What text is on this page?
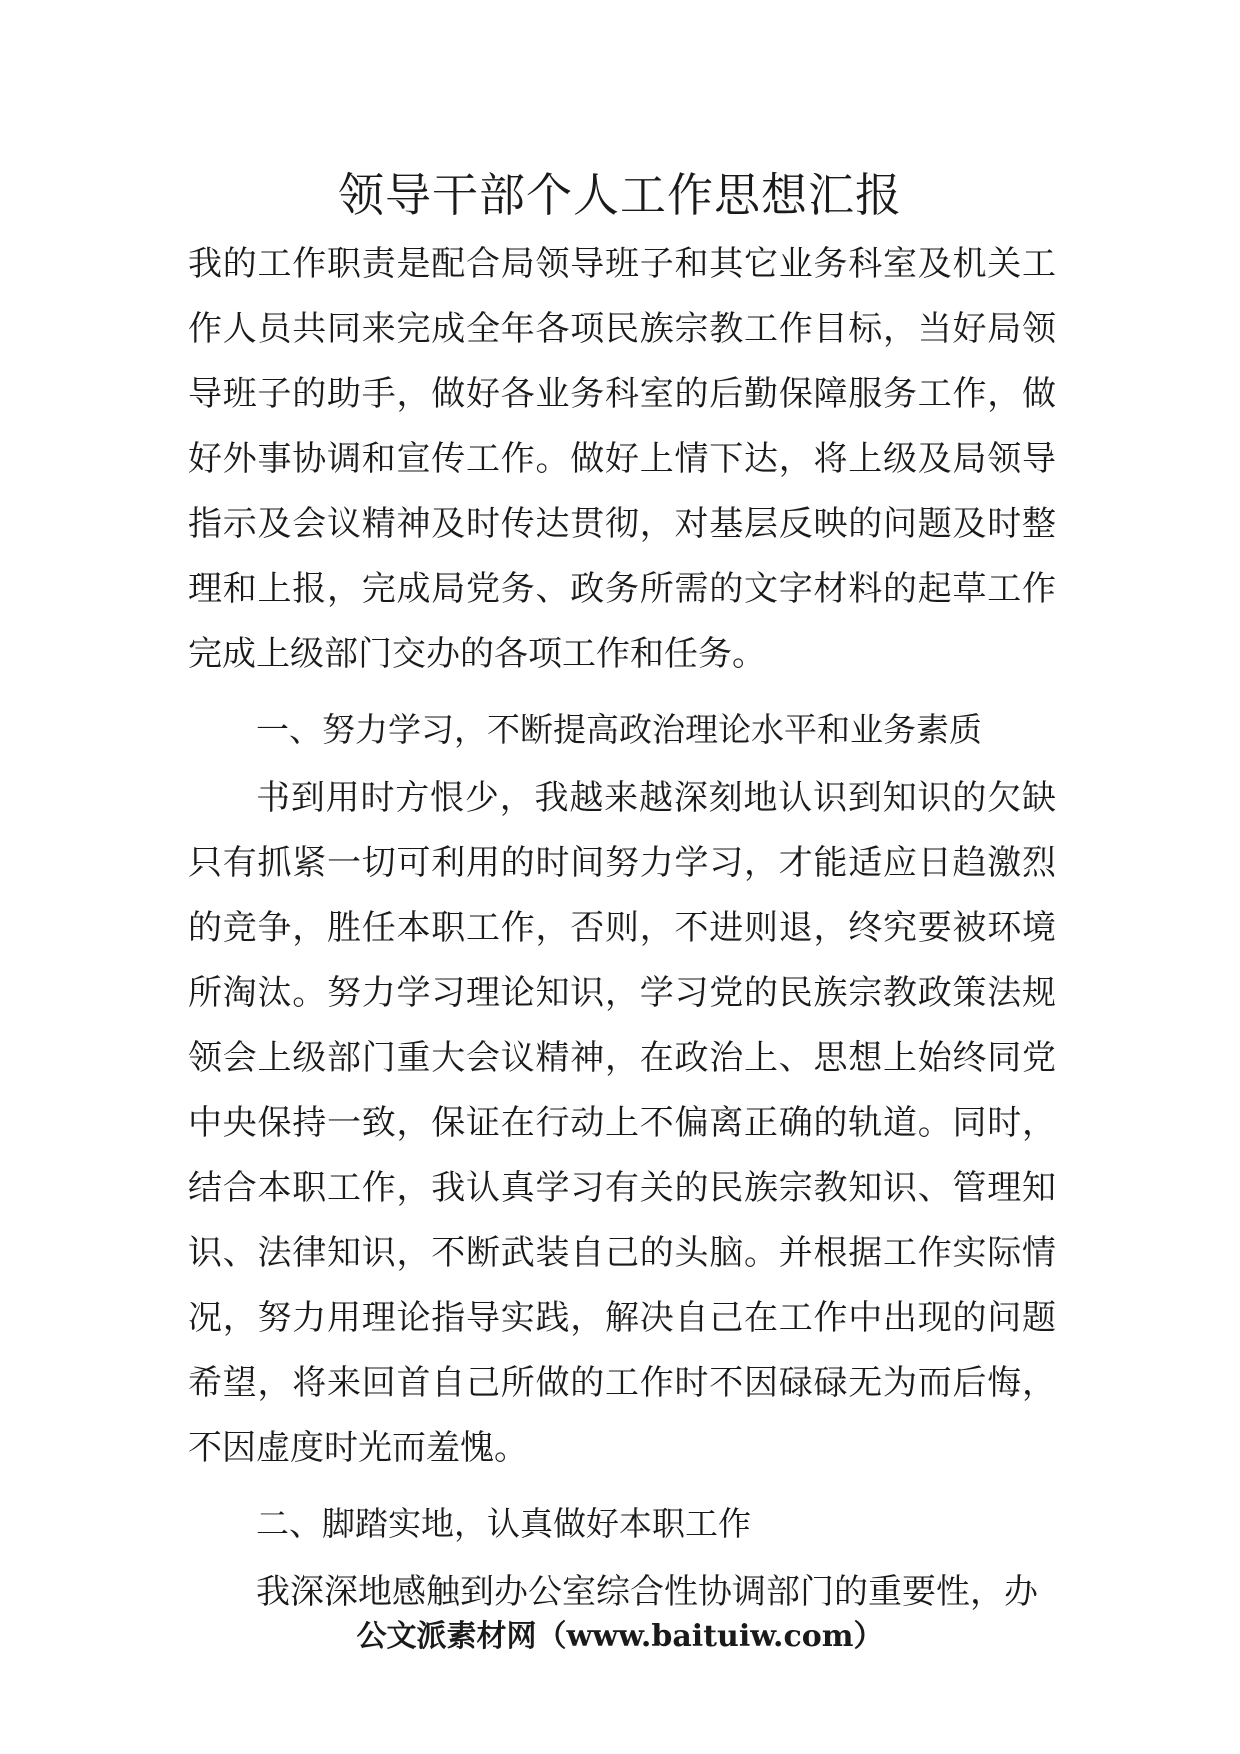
领导干部个人工作思想汇报

我的工作职责是配合局领导班子和其它业务科室及机关工作人员共同来完成全年各项民族宗教工作目标，当好局领导班子的助手，做好各业务科室的后勤保障服务工作，做好外事协调和宣传工作。做好上情下达，将上级及局领导指示及会议精神及时传达贯彻，对基层反映的问题及时整理和上报，完成局党务、政务所需的文字材料的起草工作完成上级部门交办的各项工作和任务。

一、努力学习，不断提高政治理论水平和业务素质

书到用时方恨少，我越来越深刻地认识到知识的欠缺只有抓紧一切可利用的时间努力学习，才能适应日趋激烈的竞争，胜任本职工作，否则，不进则退，终究要被环境所淘汰。努力学习理论知识，学习党的民族宗教政策法规领会上级部门重大会议精神，在政治上、思想上始终同党中央保持一致，保证在行动上不偏离正确的轨道。同时，结合本职工作，我认真学习有关的民族宗教知识、管理知识、法律知识，不断武装自己的头脑。并根据工作实际情况，努力用理论指导实践，解决自己在工作中出现的问题希望，将来回首自己所做的工作时不因碌碌无为而后悔，不因虚度时光而羞愧。

二、脚踏实地，认真做好本职工作

我深深地感触到办公室综合性协调部门的重要性，办

公文派素材网（www.baituiw.com）
